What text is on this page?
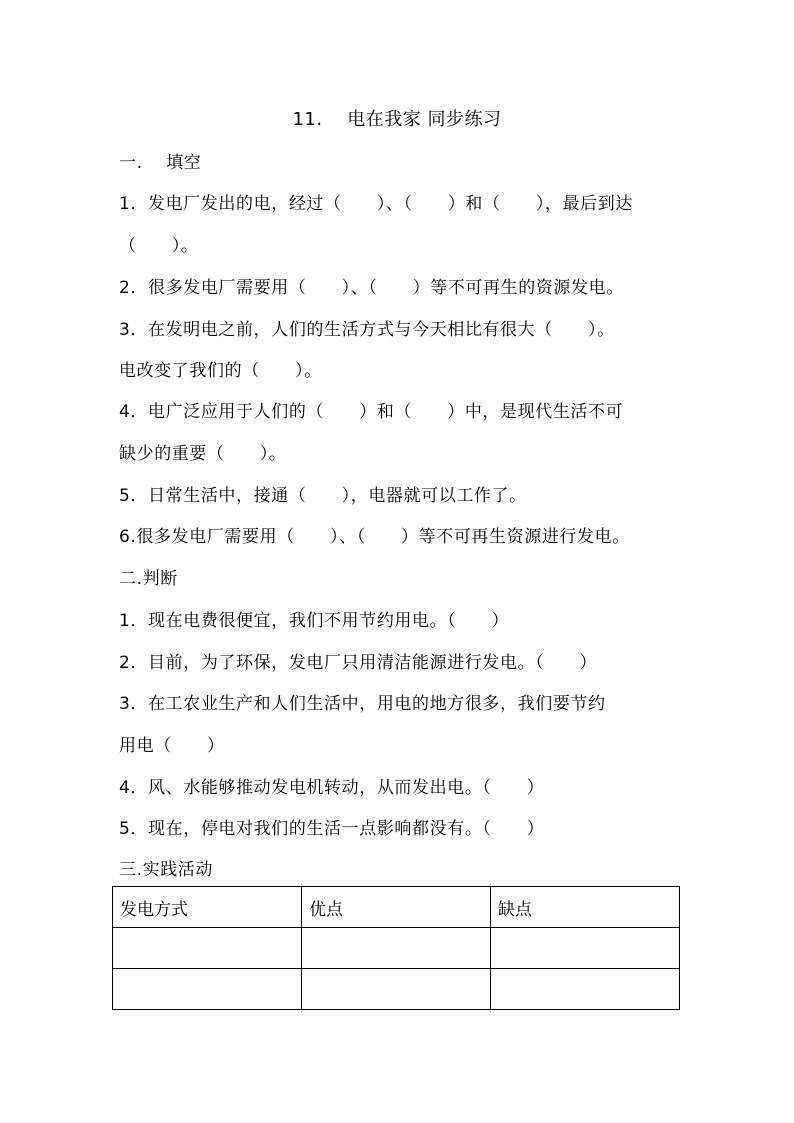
11.　 电在我家 同步练习
一.　 填空
1．发电厂发出的电，经过（　　）、（　　）和（　　），最后到达
（　　）。
2．很多发电厂需要用（　　）、（　　）等不可再生的资源发电。
3．在发明电之前，人们的生活方式与今天相比有很大（　　）。
电改变了我们的（　　）。
4．电广泛应用于人们的（　　）和（　　）中，是现代生活不可
缺少的重要（　　）。
5．日常生活中，接通（　　），电器就可以工作了。
6.很多发电厂需要用（　　）、（　　）等不可再生资源进行发电。
二.判断
1．现在电费很便宜，我们不用节约用电。（　　）
2．目前，为了环保，发电厂只用清洁能源进行发电。（　　）
3．在工农业生产和人们生活中，用电的地方很多，我们要节约
用电（　　）
4．风、水能够推动发电机转动，从而发出电。（　　）
5．现在，停电对我们的生活一点影响都没有。（　　）
三.实践活动
发电方式	优点	缺点
